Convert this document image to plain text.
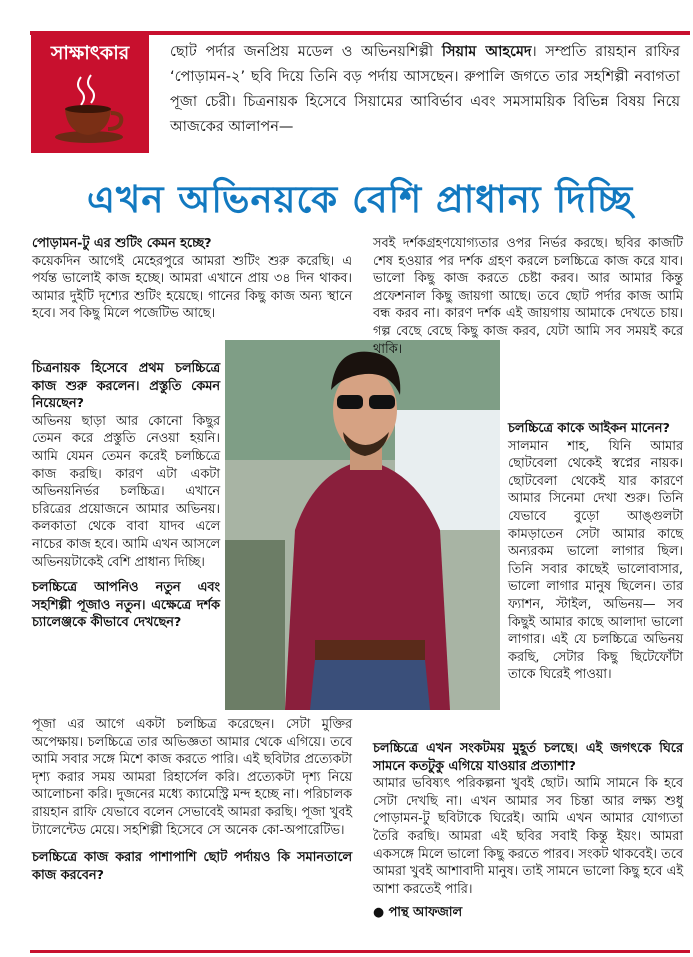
সাক্ষাৎকার	ছোট পর্দার জনপ্রিয় মডেল ও অভিনয়শিল্পী সিয়াম আহমেদ। সম্প্রতি রায়হান রাফির ‘পোড়ামন-২’ ছবি দিয়ে তিনি বড় পর্দায় আসছেন। রুপালি জগতে তার সহশিল্পী নবাগতা পূজা চেরী। চিত্রনায়ক হিসেবে সিয়ামের আবির্ভাব এবং সমসাময়িক বিভিন্ন বিষয় নিয়ে আজকের আলাপন—
এখন অভিনয়কে বেশি প্রাধান্য দিচ্ছি

পোড়ামন-টু এর শুটিং কেমন হচ্ছে?

কয়েকদিন আগেই মেহেরপুরে আমরা শুটিং শুরু করেছি। এ পর্যন্ত ভালোই কাজ হচ্ছে। আমরা এখানে প্রায় ৩৪ দিন থাকব। আমার দুইটি দৃশ্যের শুটিং হয়েছে। গানের কিছু কাজ অন্য স্থানে হবে। সব কিছু মিলে পজেটিভ আছে।

চিত্রনায়ক হিসেবে প্রথম চলচ্চিত্রে কাজ শুরু করলেন। প্রস্তুতি কেমন নিয়েছেন?

অভিনয় ছাড়া আর কোনো কিছুর তেমন করে প্রস্তুতি নেওয়া হয়নি। আমি যেমন তেমন করেই চলচ্চিত্রে কাজ করছি। কারণ এটা একটা অভিনয়নির্ভর চলচ্চিত্র। এখানে চরিত্রের প্রয়োজনে আমার অভিনয়। কলকাতা থেকে বাবা যাদব এলে নাচের কাজ হবে। আমি এখন আসলে অভিনয়টাকেই বেশি প্রাধান্য দিচ্ছি।

চলচ্চিত্রে আপনিও নতুন এবং সহশিল্পী পূজাও নতুন। এক্ষেত্রে দর্শক চ্যালেঞ্জকে কীভাবে দেখছেন?

পূজা এর আগে একটা চলচ্চিত্র করেছেন। সেটা মুক্তির অপেক্ষায়। চলচ্চিত্রে তার অভিজ্ঞতা আমার থেকে এগিয়ে। তবে আমি সবার সঙ্গে মিশে কাজ করতে পারি। এই ছবিটার প্রত্যেকটা দৃশ্য করার সময় আমরা রিহার্সেল করি। প্রত্যেকটা দৃশ্য নিয়ে আলোচনা করি। দুজনের মধ্যে ক্যামেস্ট্রি মন্দ হচ্ছে না। পরিচালক রায়হান রাফি যেভাবে বলেন সেভাবেই আমরা করছি। পূজা খুবই ট্যালেন্টেড মেয়ে। সহশিল্পী হিসেবে সে অনেক কো-অপারেটিভ।

চলচ্চিত্রে কাজ করার পাশাপাশি ছোট পর্দায়ও কি সমানতালে কাজ করবেন?

সবই দর্শকগ্রহণযোগ্যতার ওপর নির্ভর করছে। ছবির কাজটি শেষ হওয়ার পর দর্শক গ্রহণ করলে চলচ্চিত্রে কাজ করে যাব। ভালো কিছু কাজ করতে চেষ্টা করব। আর আমার কিন্তু প্রফেশনাল কিছু জায়গা আছে। তবে ছোট পর্দার কাজ আমি বন্ধ করব না। কারণ দর্শক এই জায়গায় আমাকে দেখতে চায়। গল্প বেছে বেছে কিছু কাজ করব, যেটা আমি সব সময়ই করে থাকি।

চলচ্চিত্রে কাকে আইকন মানেন?

সালমান শাহ, যিনি আমার ছোটবেলা থেকেই স্বপ্নের নায়ক। ছোটবেলা থেকেই যার কারণে আমার সিনেমা দেখা শুরু। তিনি যেভাবে বুড়ো আঙ্গুলটা কামড়াতেন সেটা আমার কাছে অন্যরকম ভালো লাগার ছিল। তিনি সবার কাছেই ভালোবাসার, ভালো লাগার মানুষ ছিলেন। তার ফ্যাশন, স্টাইল, অভিনয়— সব কিছুই আমার কাছে আলাদা ভালো লাগার। এই যে চলচ্চিত্রে অভিনয় করছি, সেটার কিছু ছিটেফোঁটা তাকে ঘিরেই পাওয়া।

চলচ্চিত্রে এখন সংকটময় মুহূর্ত চলছে। এই জগৎকে ঘিরে সামনে কতটুকু এগিয়ে যাওয়ার প্রত্যাশা?

আমার ভবিষ্যৎ পরিকল্পনা খুবই ছোট। আমি সামনে কি হবে সেটা দেখছি না। এখন আমার সব চিন্তা আর লক্ষ্য শুধু পোড়ামন-টু ছবিটাকে ঘিরেই। আমি এখন আমার যোগ্যতা তৈরি করছি। আমরা এই ছবির সবাই কিন্তু ইয়ং। আমরা একসঙ্গে মিলে ভালো কিছু করতে পারব। সংকট থাকবেই। তবে আমরা খুবই আশাবাদী মানুষ। তাই সামনে ভালো কিছু হবে এই আশা করতেই পারি।

● পান্থ আফজাল
